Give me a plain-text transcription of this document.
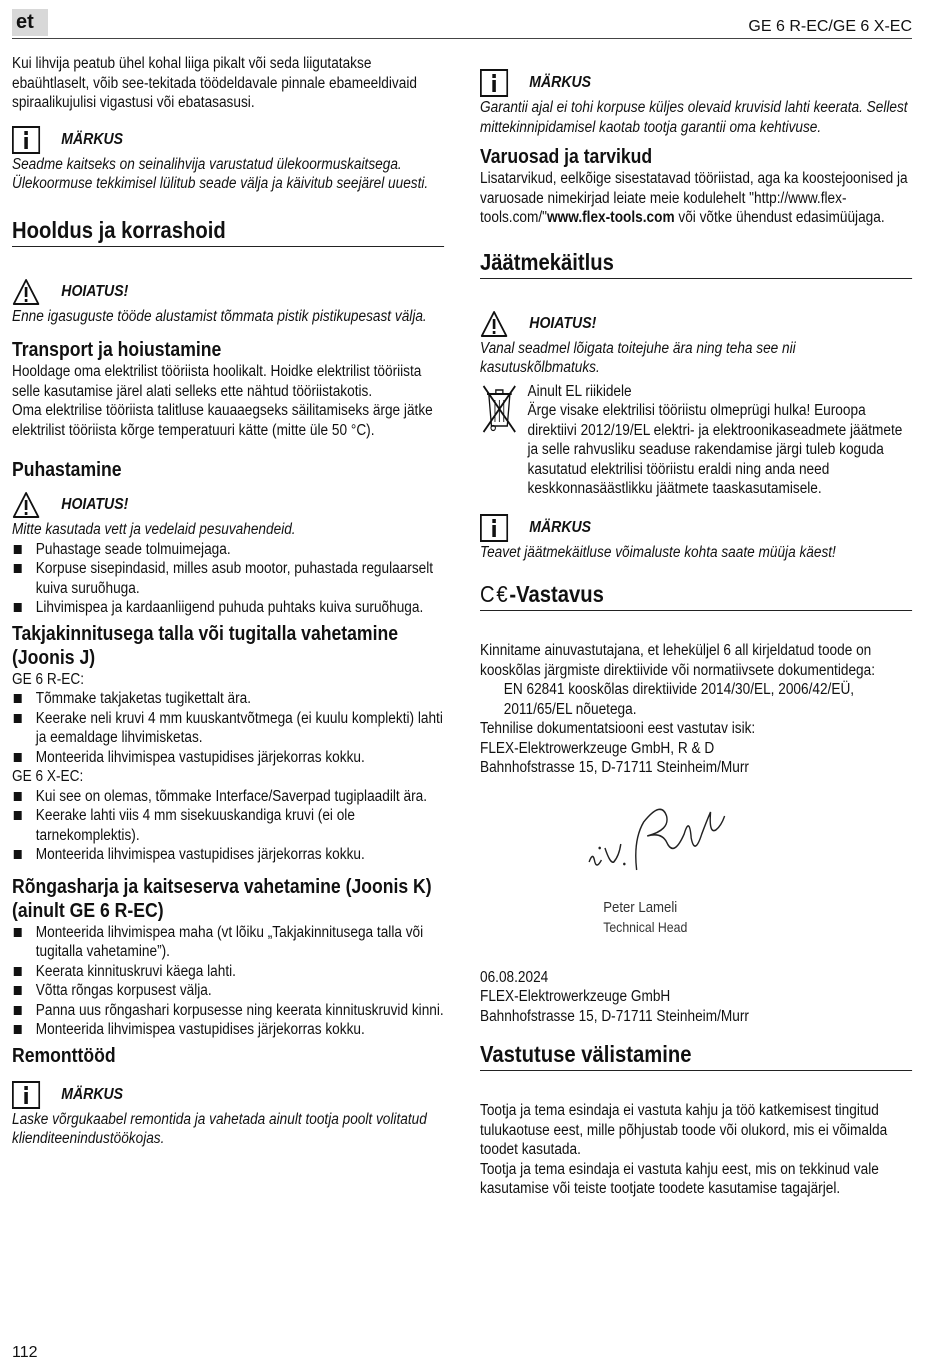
et	GE 6 R-EC/GE 6 X-EC

Kui lihvija peatub ühel kohal liiga pikalt või seda liigutatakse ebaühtlaselt, võib see-tekitada töödeldavale pinnale ebameeldivaid spiraalikujulisi vigastusi või ebatasasusi.

MÄRKUS

Seadme kaitseks on seinalihvija varustatud ülekoormuskaitsega. Ülekoormuse tekkimisel lülitub seade välja ja käivitub seejärel uuesti.

Hooldus ja korrashoid
HOIATUS!

Enne igasuguste tööde alustamist tõmmata pistik pistikupesast välja.

Transport ja hoiustamine

Hooldage oma elektrilist tööriista hoolikalt. Hoidke elektrilist tööriista selle kasutamise järel alati selleks ette nähtud tööriistakotis.

Oma elektrilise tööriista talitluse kauaaegseks säilitamiseks ärge jätke elektrilist tööriista kõrge temperatuuri kätte (mitte üle 50 °C).

Puhastamine
HOIATUS!

Mitte kasutada vett ja vedelaid pesuvahendeid.

Puhastage seade tolmuimejaga.
Korpuse sisepindasid, milles asub mootor, puhastada regulaarselt kuiva suruõhuga.
Lihvimispea ja kardaanliigend puhuda puhtaks kuiva suruõhuga.
Takjakinnitusega talla või tugitalla vahetamine (Joonis J)

GE 6 R-EC:

Tõmmake takjaketas tugikettalt ära.
Keerake neli kruvi 4 mm kuuskantvõtmega (ei kuulu komplekti) lahti ja eemaldage lihvimisketas.
Monteerida lihvimispea vastupidises järjekorras kokku.

GE 6 X-EC:

Kui see on olemas, tõmmake Interface/Saverpad tugiplaadilt ära.
Keerake lahti viis 4 mm sisekuuskandiga kruvi (ei ole tarnekomplektis).
Monteerida lihvimispea vastupidises järjekorras kokku.
Rõngasharja ja kaitseserva vahetamine (Joonis K) (ainult GE 6 R-EC)
Monteerida lihvimispea maha (vt lõiku „Takjakinnitusega talla või tugitalla vahetamine”).
Keerata kinnituskruvi käega lahti.
Võtta rõngas korpusest välja.
Panna uus rõngashari korpusesse ning keerata kinnituskruvid kinni.
Monteerida lihvimispea vastupidises järjekorras kokku.
Remonttööd
MÄRKUS

Laske võrgukaabel remontida ja vahetada ainult tootja poolt volitatud klienditeenindustöökojas.

MÄRKUS

Garantii ajal ei tohi korpuse küljes olevaid kruvisid lahti keerata. Sellest mittekinnipidamisel kaotab tootja garantii oma kehtivuse.

Varuosad ja tarvikud

Lisatarvikud, eelkõige sisestatavad tööriistad, aga ka koostejoonised ja varuosade nimekirjad leiate meie kodulehelt "http://www.flex-tools.com/"www.flex-tools.com või võtke ühendust edasimüüjaga.

Jäätmekäitlus
HOIATUS!

Vanal seadmel lõigata toitejuhe ära ning teha see nii kasutuskõlbmatuks.

Ainult EL riikidele

Ärge visake elektrilisi tööriistu olmeprügi hulka! Euroopa direktiivi 2012/19/EL elektri- ja elektroonikaseadmete jäätmete ja selle rahvusliku seaduse rakendamise järgi tuleb koguda kasutatud elektrilisi tööriistu eraldi ning anda need keskkonnasäästlikku jäätmete taaskasutamisele.

MÄRKUS

Teavet jäätmekäitluse võimaluste kohta saate müüja käest!

C€-Vastavus

Kinnitame ainuvastutajana, et leheküljel 6 all kirjeldatud toode on kooskõlas järgmiste direktiivide või normatiivsete dokumentidega:

EN 62841 kooskõlas direktiivide 2014/30/EL, 2006/42/EÜ, 2011/65/EL nõuetega.

Tehnilise dokumentatsiooni eest vastutav isik:

FLEX-Elektrowerkzeuge GmbH, R & D

Bahnhofstrasse 15, D-71711 Steinheim/Murr

Peter Lameli
Technical Head

06.08.2024

FLEX-Elektrowerkzeuge GmbH

Bahnhofstrasse 15, D-71711 Steinheim/Murr

Vastutuse välistamine

Tootja ja tema esindaja ei vastuta kahju ja töö katkemisest tingitud tulukaotuse eest, mille põhjustab toode või olukord, mis ei võimalda toodet kasutada.

Tootja ja tema esindaja ei vastuta kahju eest, mis on tekkinud vale kasutamise või teiste tootjate toodete kasutamise tagajärjel.

112
